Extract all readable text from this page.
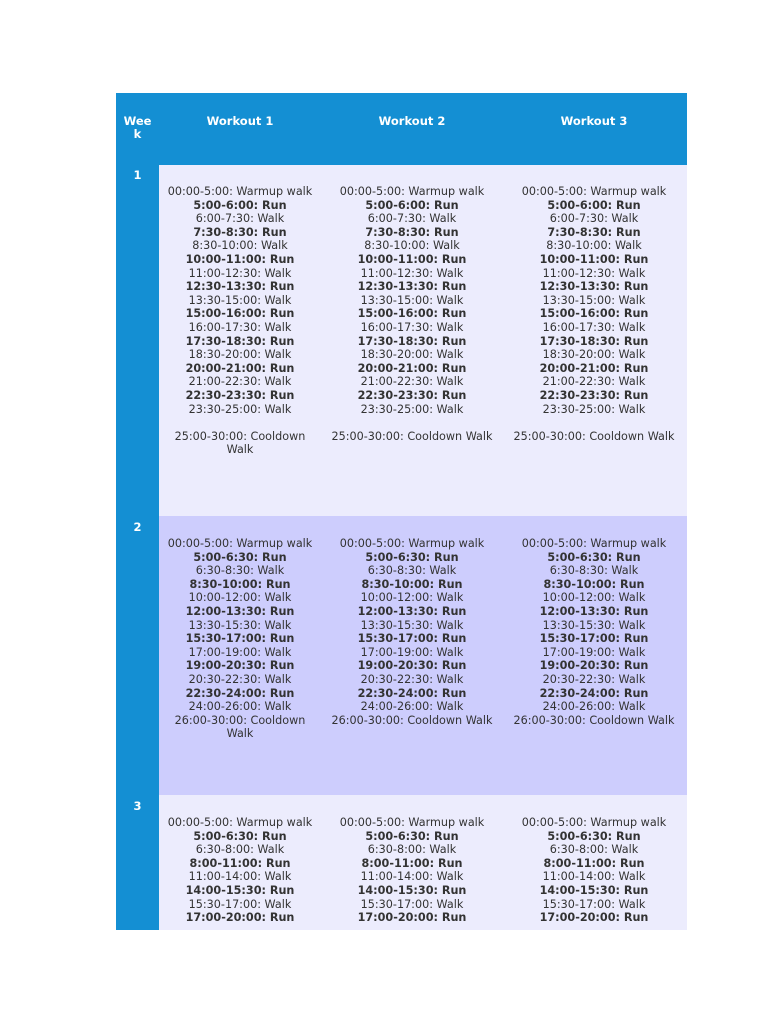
Wee
k
Workout 1	Workout 2	Workout 3
1
2
3
00:00-5:00: Warmup walk
5:00-6:00: Run
6:00-7:30: Walk
7:30-8:30: Run
8:30-10:00: Walk
10:00-11:00: Run
11:00-12:30: Walk
12:30-13:30: Run
13:30-15:00: Walk
15:00-16:00: Run
16:00-17:30: Walk
17:30-18:30: Run
18:30-20:00: Walk
20:00-21:00: Run
21:00-22:30: Walk
22:30-23:30: Run
23:30-25:00: Walk
25:00-30:00: Cooldown Walk
00:00-5:00: Warmup walk
5:00-6:00: Run
6:00-7:30: Walk
7:30-8:30: Run
8:30-10:00: Walk
10:00-11:00: Run
11:00-12:30: Walk
12:30-13:30: Run
13:30-15:00: Walk
15:00-16:00: Run
16:00-17:30: Walk
17:30-18:30: Run
18:30-20:00: Walk
20:00-21:00: Run
21:00-22:30: Walk
22:30-23:30: Run
23:30-25:00: Walk
25:00-30:00: Cooldown Walk
00:00-5:00: Warmup walk
5:00-6:00: Run
6:00-7:30: Walk
7:30-8:30: Run
8:30-10:00: Walk
10:00-11:00: Run
11:00-12:30: Walk
12:30-13:30: Run
13:30-15:00: Walk
15:00-16:00: Run
16:00-17:30: Walk
17:30-18:30: Run
18:30-20:00: Walk
20:00-21:00: Run
21:00-22:30: Walk
22:30-23:30: Run
23:30-25:00: Walk
25:00-30:00: Cooldown Walk
00:00-5:00: Warmup walk
5:00-6:30: Run
6:30-8:30: Walk
8:30-10:00: Run
10:00-12:00: Walk
12:00-13:30: Run
13:30-15:30: Walk
15:30-17:00: Run
17:00-19:00: Walk
19:00-20:30: Run
20:30-22:30: Walk
22:30-24:00: Run
24:00-26:00: Walk
26:00-30:00: Cooldown Walk
00:00-5:00: Warmup walk
5:00-6:30: Run
6:30-8:30: Walk
8:30-10:00: Run
10:00-12:00: Walk
12:00-13:30: Run
13:30-15:30: Walk
15:30-17:00: Run
17:00-19:00: Walk
19:00-20:30: Run
20:30-22:30: Walk
22:30-24:00: Run
24:00-26:00: Walk
26:00-30:00: Cooldown Walk
00:00-5:00: Warmup walk
5:00-6:30: Run
6:30-8:30: Walk
8:30-10:00: Run
10:00-12:00: Walk
12:00-13:30: Run
13:30-15:30: Walk
15:30-17:00: Run
17:00-19:00: Walk
19:00-20:30: Run
20:30-22:30: Walk
22:30-24:00: Run
24:00-26:00: Walk
26:00-30:00: Cooldown Walk
00:00-5:00: Warmup walk
5:00-6:30: Run
6:30-8:00: Walk
8:00-11:00: Run
11:00-14:00: Walk
14:00-15:30: Run
15:30-17:00: Walk
17:00-20:00: Run
00:00-5:00: Warmup walk
5:00-6:30: Run
6:30-8:00: Walk
8:00-11:00: Run
11:00-14:00: Walk
14:00-15:30: Run
15:30-17:00: Walk
17:00-20:00: Run
00:00-5:00: Warmup walk
5:00-6:30: Run
6:30-8:00: Walk
8:00-11:00: Run
11:00-14:00: Walk
14:00-15:30: Run
15:30-17:00: Walk
17:00-20:00: Run
